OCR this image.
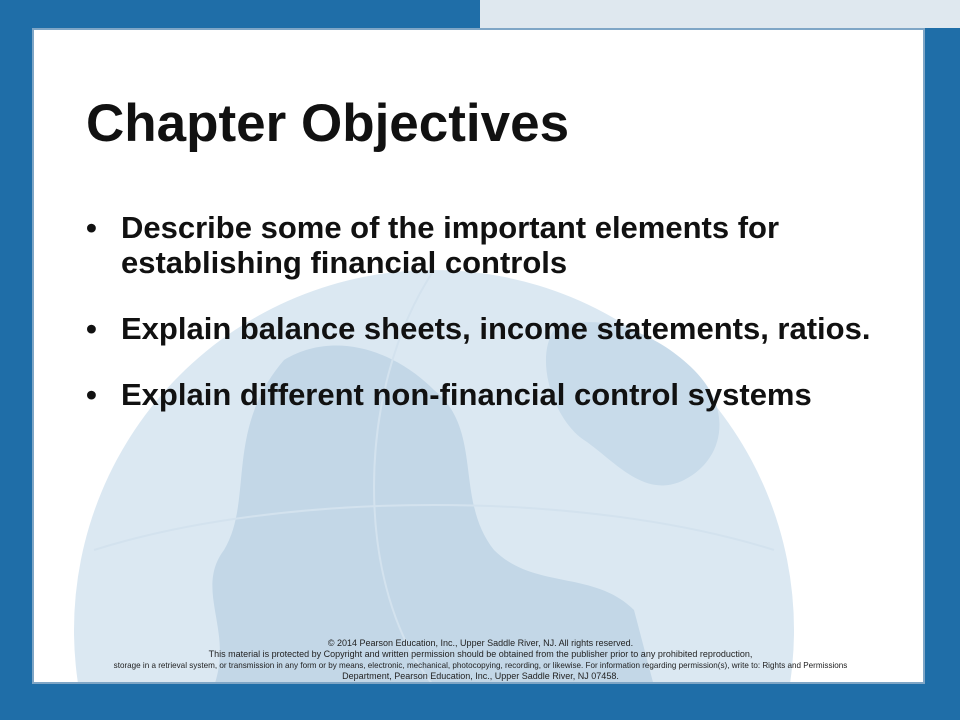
Chapter Objectives
• Describe some of the important elements for establishing financial controls
• Explain balance sheets, income statements, ratios.
• Explain different non-financial control systems
© 2014 Pearson Education, Inc., Upper Saddle River, NJ. All rights reserved.
This material is protected by Copyright and written permission should be obtained from the publisher prior to any prohibited reproduction,
storage in a retrieval system, or transmission in any form or by means, electronic, mechanical, photocopying, recording, or likewise. For information regarding permission(s), write to: Rights and Permissions
Department, Pearson Education, Inc., Upper Saddle River, NJ 07458.
